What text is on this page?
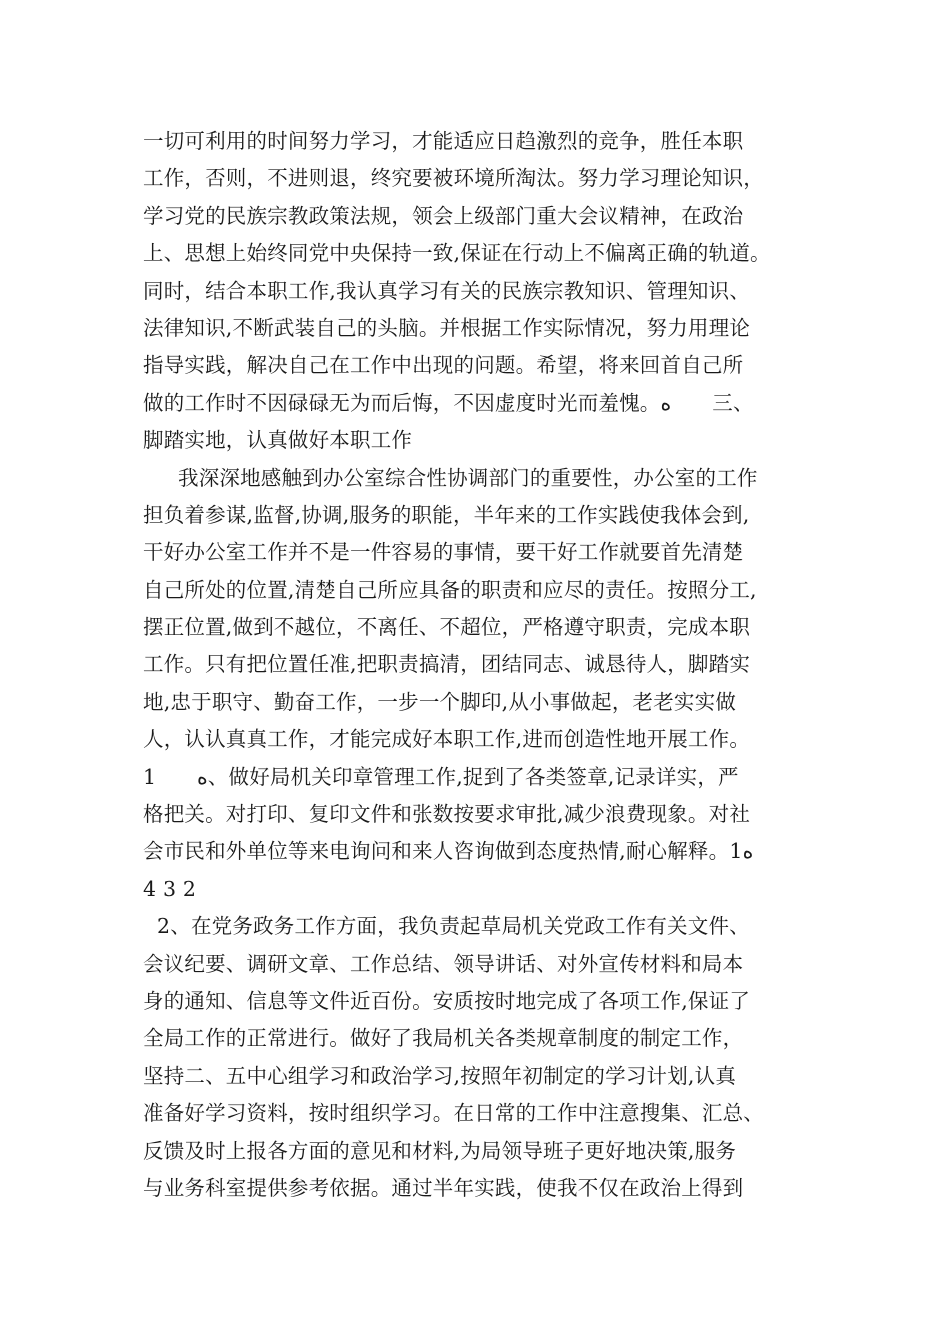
一切可利用的时间努力学习，才能适应日趋激烈的竞争，胜任本职
工作，否则，不进则退，终究要被环境所淘汰。努力学习理论知识，
学习党的民族宗教政策法规，领会上级部门重大会议精神，在政治
上、思想上始终同党中央保持一致,保证在行动上不偏离正确的轨道。
同时，结合本职工作,我认真学习有关的民族宗教知识、管理知识、
法律知识,不断武装自己的头脑。并根据工作实际情况，努力用理论
指导实践，解决自己在工作中出现的问题。希望，将来回首自己所
做的工作时不因碌碌无为而后悔，不因虚度时光而羞愧。ﻩ　　三、
脚踏实地，认真做好本职工作
我深深地感触到办公室综合性协调部门的重要性，办公室的工作
担负着参谋,监督,协调,服务的职能，半年来的工作实践使我体会到,
干好办公室工作并不是一件容易的事情，要干好工作就要首先清楚
自己所处的位置,清楚自己所应具备的职责和应尽的责任。按照分工,
摆正位置,做到不越位，不离任、不超位，严格遵守职责，完成本职
工作。只有把位置任准,把职责搞清，团结同志、诚恳待人，脚踏实
地,忠于职守、勤奋工作，一步一个脚印,从小事做起，老老实实做
人，认认真真工作，才能完成好本职工作,进而创造性地开展工作。
1　　ﻩ、做好局机关印章管理工作,捉到了各类签章,记录详实，严
格把关。对打印、复印文件和张数按要求审批,减少浪费现象。对社
会市民和外单位等来电询问和来人咨询做到态度热情,耐心解释。1ﻩ
4 3 2
2、在党务政务工作方面，我负责起草局机关党政工作有关文件、
会议纪要、调研文章、工作总结、领导讲话、对外宣传材料和局本
身的通知、信息等文件近百份。安质按时地完成了各项工作,保证了
全局工作的正常进行。做好了我局机关各类规章制度的制定工作，
坚持二、五中心组学习和政治学习,按照年初制定的学习计划,认真
准备好学习资料，按时组织学习。在日常的工作中注意搜集、汇总、
反馈及时上报各方面的意见和材料,为局领导班子更好地决策,服务
与业务科室提供参考依据。通过半年实践，使我不仅在政治上得到
